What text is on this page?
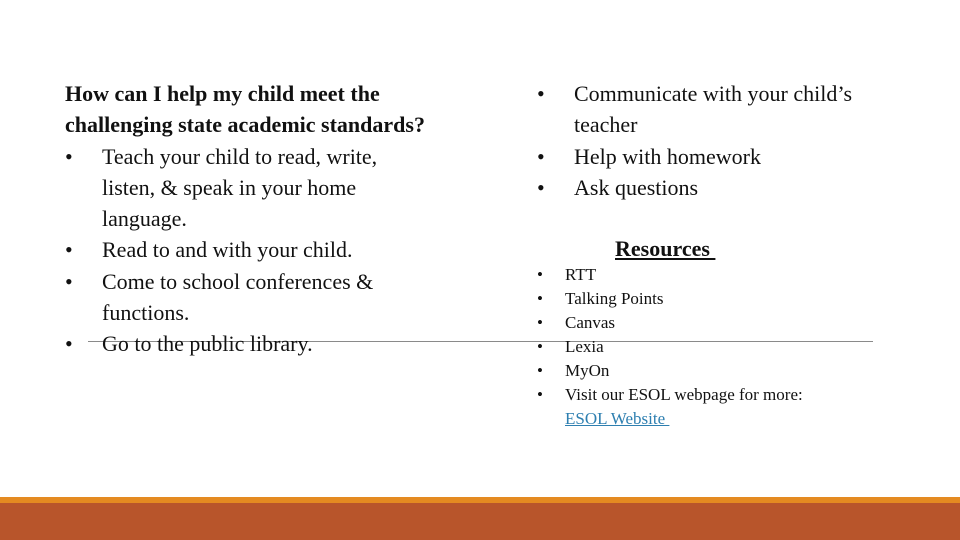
How can I help my child meet the challenging state academic standards?
• Teach your child to read, write, listen, & speak in your home language.
• Read to and with your child.
• Come to school conferences & functions.
• Go to the public library.
• Communicate with your child’s teacher
• Help with homework
• Ask questions
Resources
• RTT
• Talking Points
• Canvas
• Lexia
• MyOn
• Visit our ESOL webpage for more: ESOL Website
